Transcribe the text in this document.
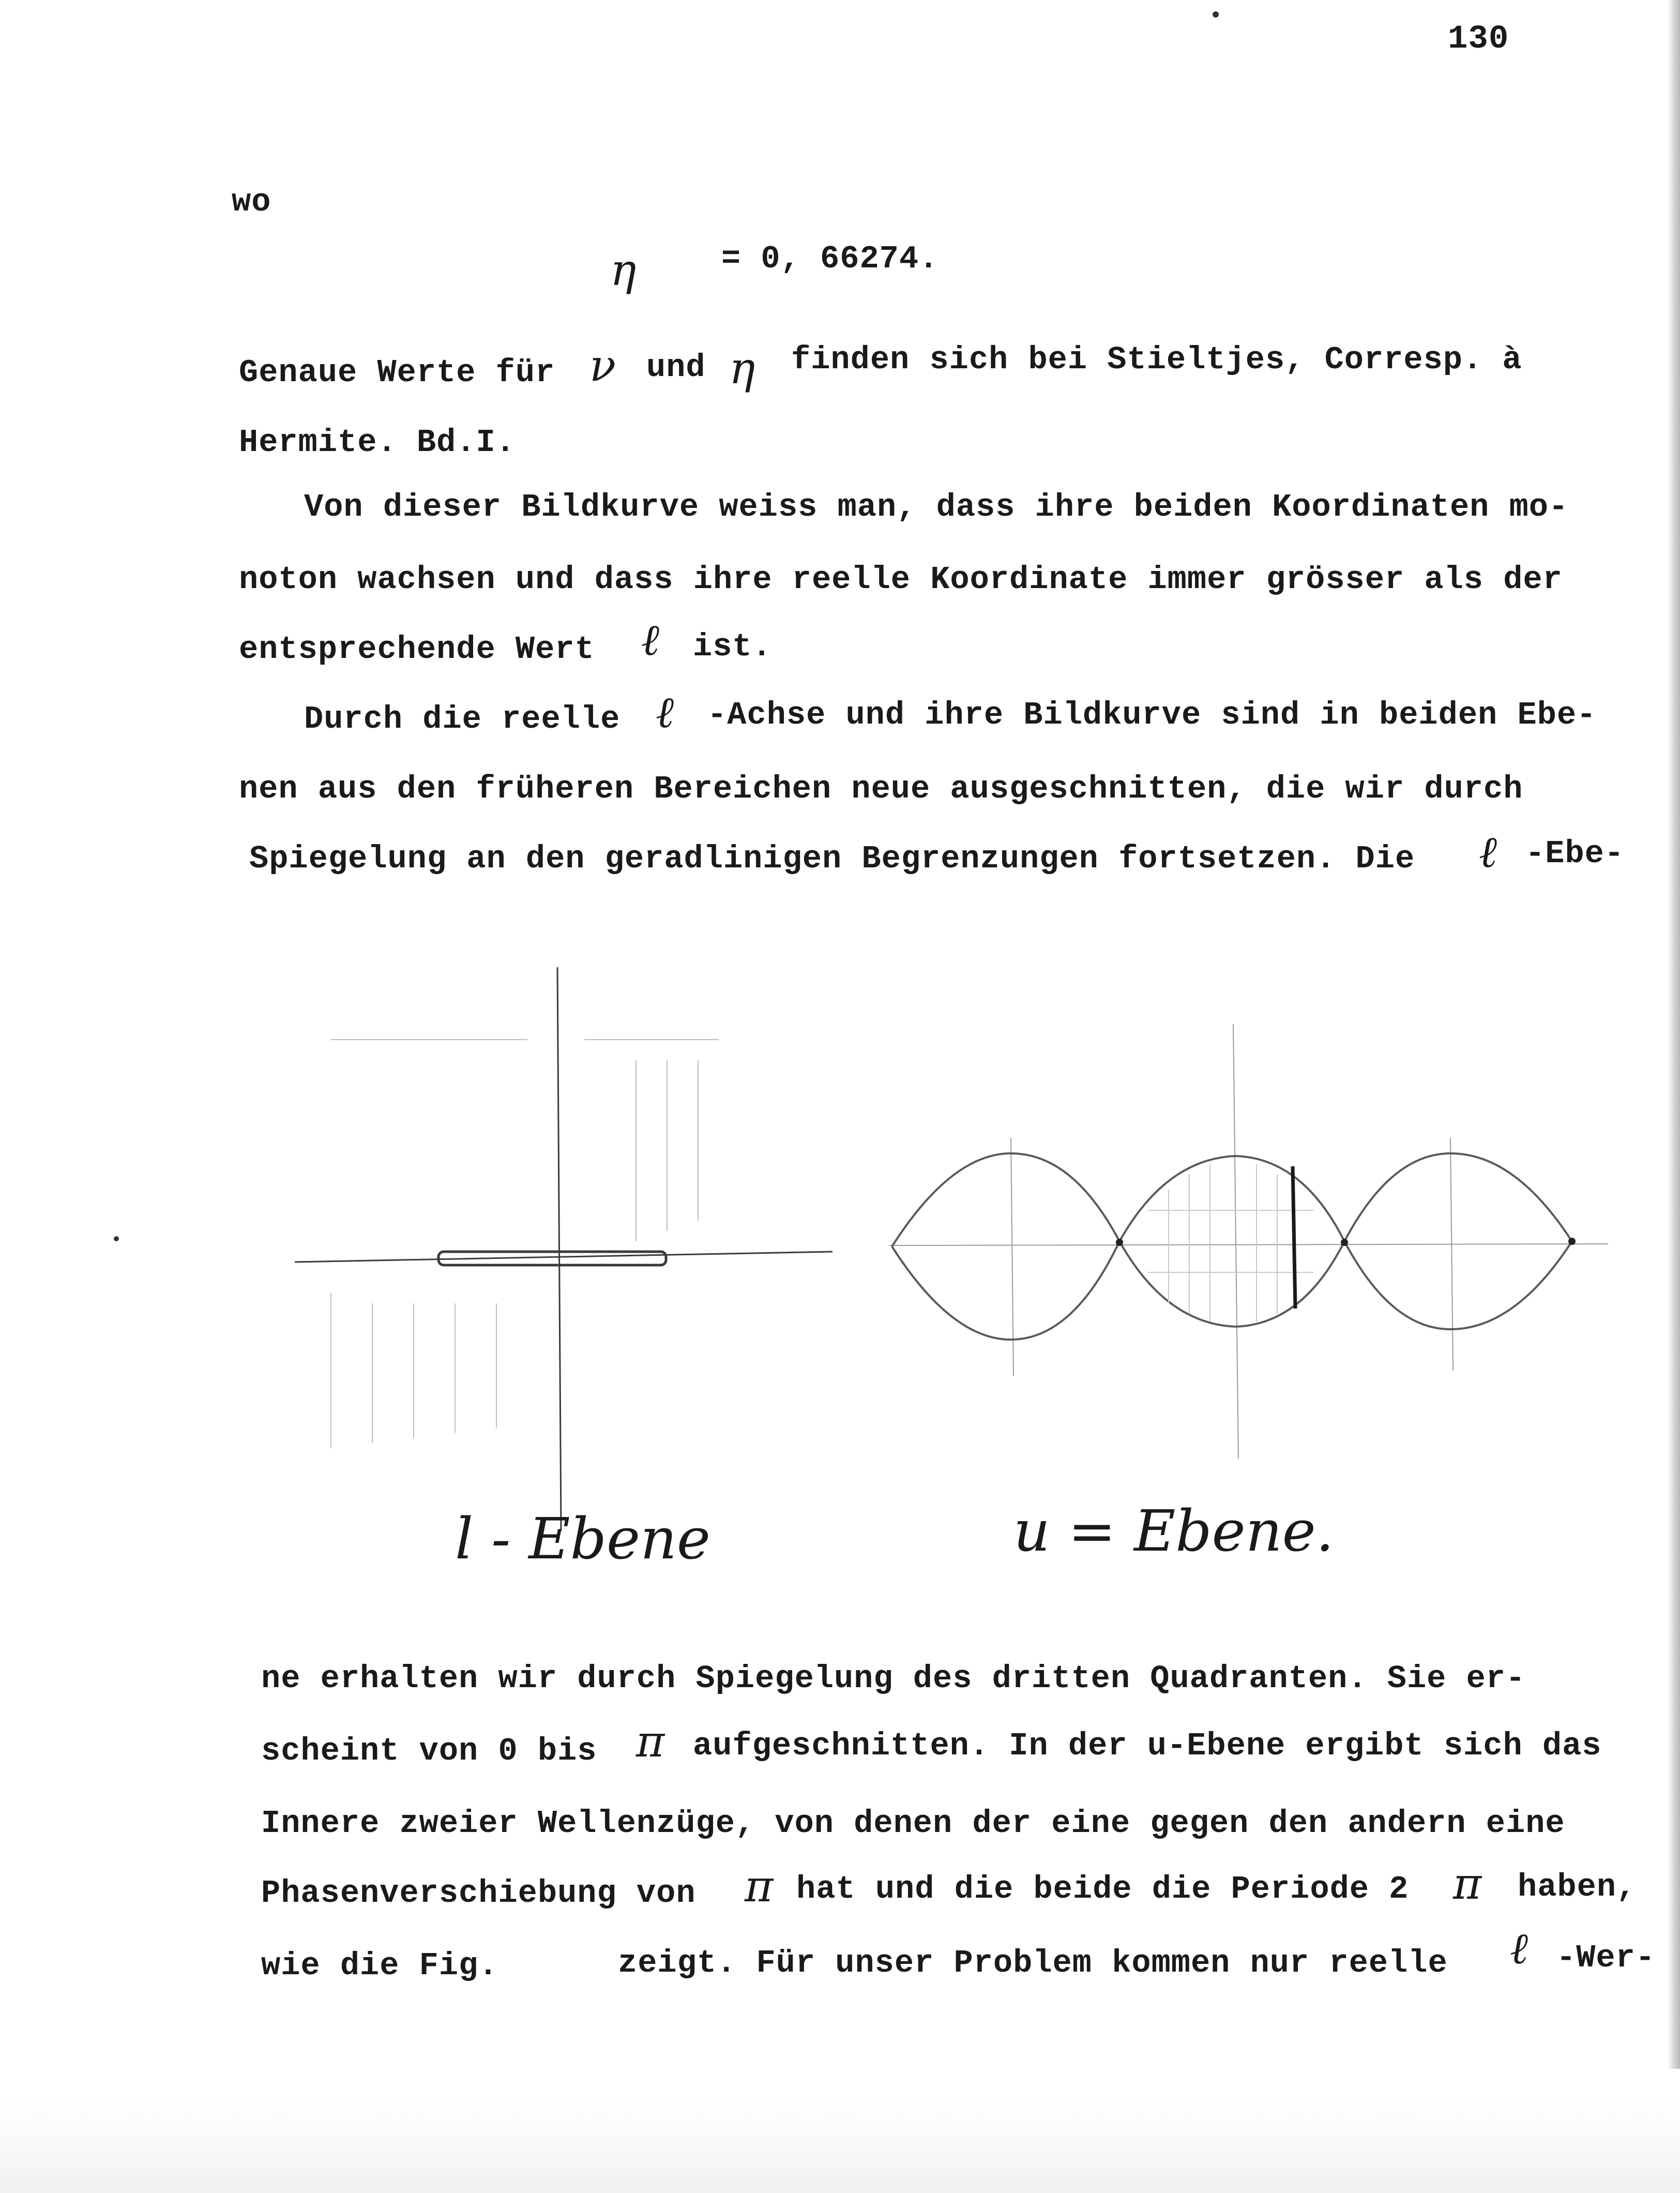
130
wo
η	= 0, 66274.
Genaue Werte für ν und η finden sich bei Stieltjes, Corresp. à
Hermite. Bd.I.
Von dieser Bildkurve weiss man, dass ihre beiden Koordinaten mo-
noton wachsen und dass ihre reelle Koordinate immer grösser als der
entsprechende Wert ℓ ist.
Durch die reelle ℓ -Achse und ihre Bildkurve sind in beiden Ebe-
nen aus den früheren Bereichen neue ausgeschnitten, die wir durch
Spiegelung an den geradlinigen Begrenzungen fortsetzen. Die ℓ -Ebe-
l - Ebene	u = Ebene.
ne erhalten wir durch Spiegelung des dritten Quadranten. Sie er-
scheint von 0 bis π aufgeschnitten. In der u-Ebene ergibt sich das
Innere zweier Wellenzüge, von denen der eine gegen den andern eine
Phasenverschiebung von π hat und die beide die Periode 2 π haben,
wie die Fig.	zeigt. Für unser Problem kommen nur reelle ℓ -Wer-
